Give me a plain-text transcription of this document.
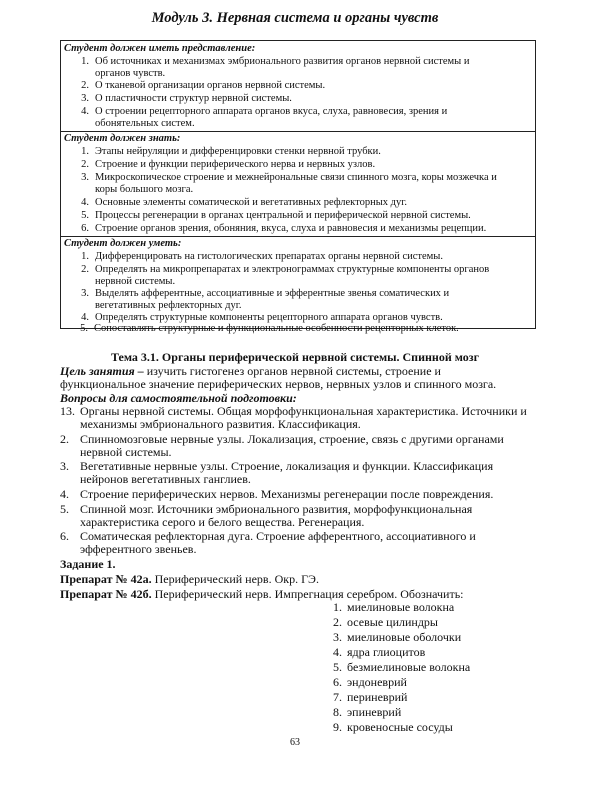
Модуль 3. Нервная система и органы чувств
Студент должен иметь представление:
1. Об источниках и механизмах эмбрионального развития органов нервной системы и
органов чувств.
2. О тканевой организации органов нервной системы.
3. О пластичности структур нервной системы.
4. О строении рецепторного аппарата органов вкуса, слуха, равновесия, зрения и
обонятельных систем.
Студент должен знать:
1. Этапы нейруляции и дифференцировки стенки нервной трубки.
2. Строение и функции периферического нерва и нервных узлов.
3. Микроскопическое строение и межнейрональные связи спинного мозга, коры мозжечка и
коры большого мозга.
4. Основные элементы соматической и вегетативных рефлекторных дуг.
5. Процессы регенерации в органах центральной и периферической нервной системы.
6. Строение органов зрения, обоняния, вкуса, слуха и равновесия и механизмы рецепции.
Студент должен уметь:
1. Дифференцировать на гистологических препаратах органы нервной системы.
2. Определять на микропрепаратах и электронограммах структурные компоненты органов
нервной системы.
3. Выделять афферентные, ассоциативные и эфферентные звенья соматических и
вегетативных рефлекторных дуг.
4. Определять структурные компоненты рецепторного аппарата органов чувств.
5. Сопоставлять структурные и функциональные особенности рецепторных клеток.
Тема 3.1. Органы периферической нервной системы. Спинной мозг
Цель занятия – изучить гистогенез органов нервной системы, строение и
функциональное значение периферических нервов, нервных узлов и спинного мозга.
Вопросы для самостоятельной подготовки:
13. Органы нервной системы. Общая морфофункциональная характеристика. Источники и
механизмы эмбрионального развития. Классификация.
2. Спинномозговые нервные узлы. Локализация, строение, связь с другими органами
нервной системы.
3. Вегетативные нервные узлы. Строение, локализация и функции. Классификация
нейронов вегетативных ганглиев.
4. Строение периферических нервов. Механизмы регенерации после повреждения.
5. Спинной мозг. Источники эмбрионального развития, морфофункциональная
характеристика серого и белого вещества. Регенерация.
6. Соматическая рефлекторная дуга. Строение афферентного, ассоциативного и
эфферентного звеньев.
Задание 1.
Препарат № 42а. Периферический нерв. Окр. ГЭ.
Препарат № 42б. Периферический нерв. Импрегнация серебром. Обозначить:
1. миелиновые волокна
2. осевые цилиндры
3. миелиновые оболочки
4. ядра глиоцитов
5. безмиелиновые волокна
6. эндоневрий
7. периневрий
8. эпиневрий
9. кровеносные сосуды
63
